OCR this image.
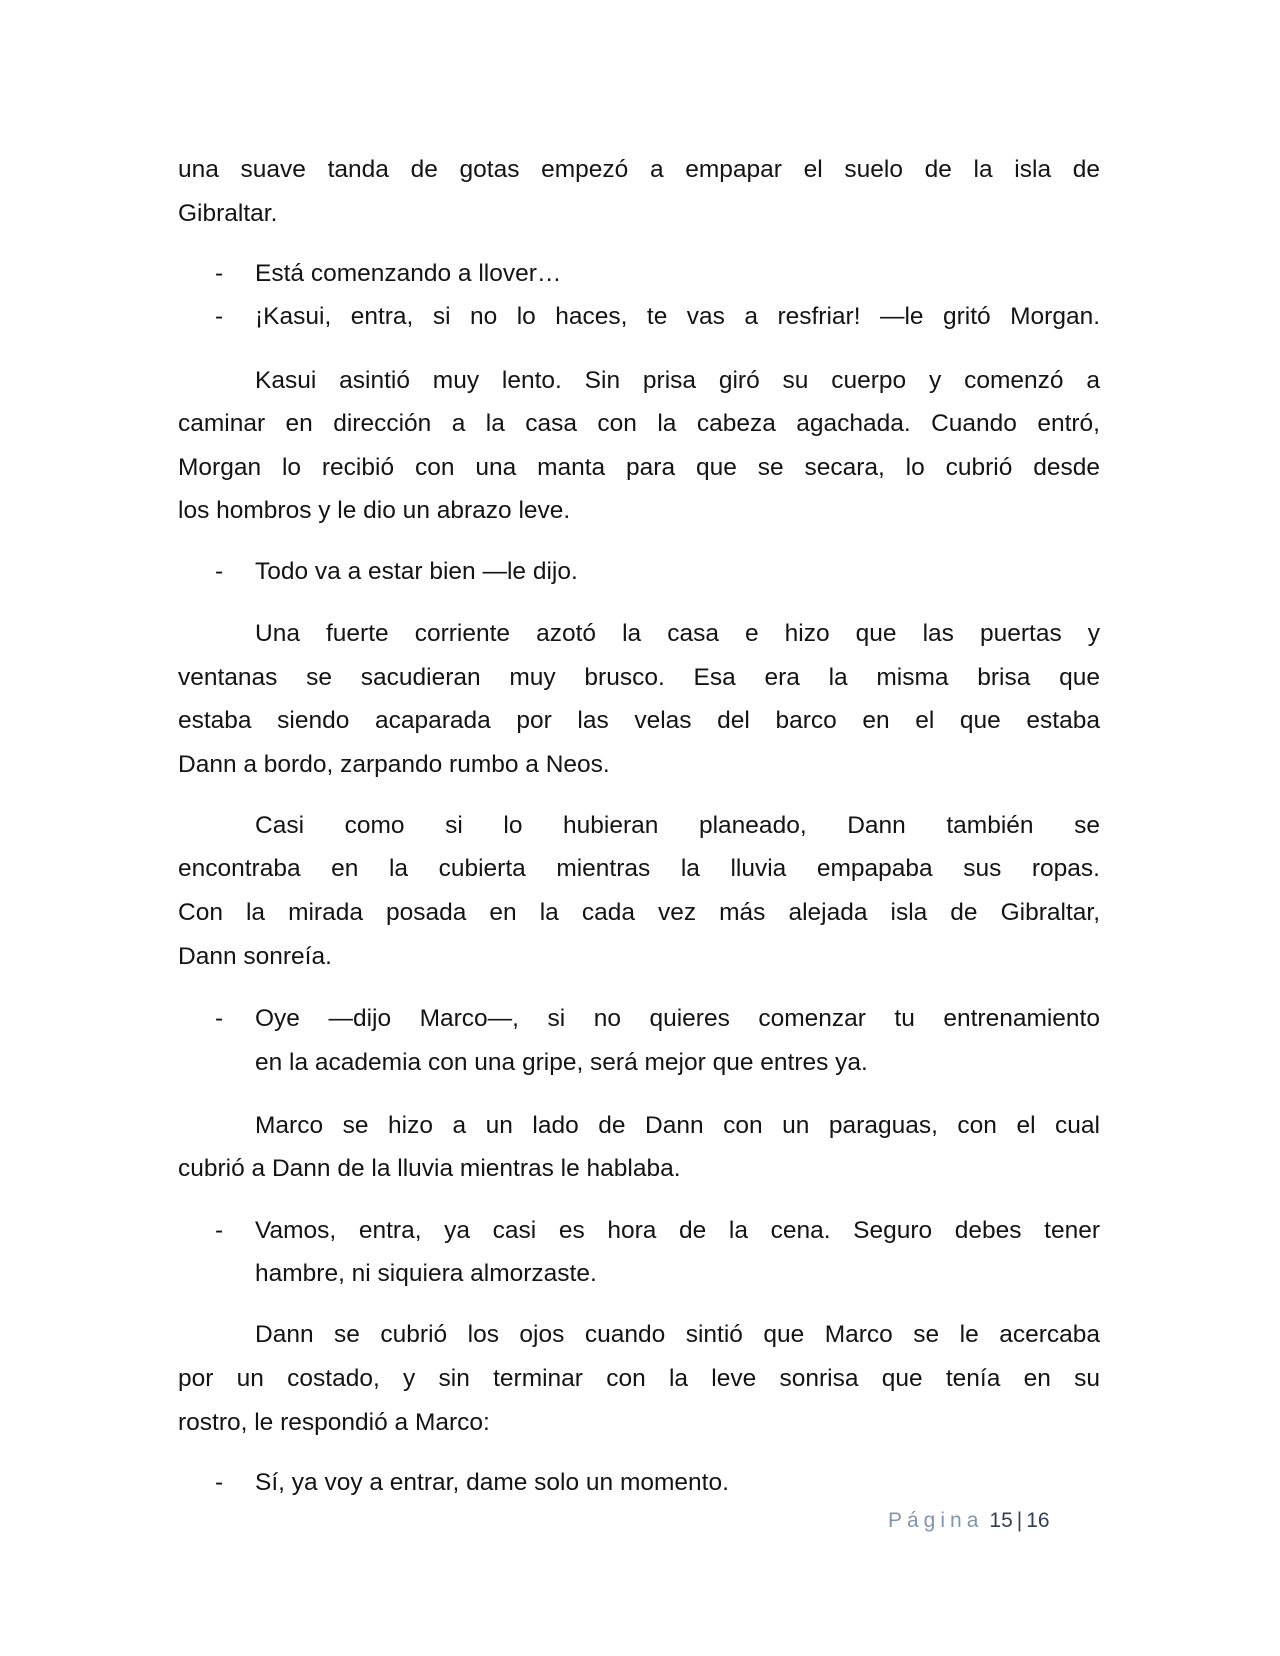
una suave tanda de gotas empezó a empapar el suelo de la isla de
Gibraltar.
-	Está comenzando a llover…
-	¡Kasui, entra, si no lo haces, te vas a resfriar! —le gritó Morgan.
Kasui asintió muy lento. Sin prisa giró su cuerpo y comenzó a
caminar en dirección a la casa con la cabeza agachada. Cuando entró,
Morgan lo recibió con una manta para que se secara, lo cubrió desde
los hombros y le dio un abrazo leve.
-	Todo va a estar bien —le dijo.
Una fuerte corriente azotó la casa e hizo que las puertas y
ventanas se sacudieran muy brusco. Esa era la misma brisa que
estaba siendo acaparada por las velas del barco en el que estaba
Dann a bordo, zarpando rumbo a Neos.
Casi como si lo hubieran planeado, Dann también se
encontraba en la cubierta mientras la lluvia empapaba sus ropas.
Con la mirada posada en la cada vez más alejada isla de Gibraltar,
Dann sonreía.
-	Oye —dijo Marco—, si no quieres comenzar tu entrenamiento
en la academia con una gripe, será mejor que entres ya.
Marco se hizo a un lado de Dann con un paraguas, con el cual
cubrió a Dann de la lluvia mientras le hablaba.
-	Vamos, entra, ya casi es hora de la cena. Seguro debes tener
hambre, ni siquiera almorzaste.
Dann se cubrió los ojos cuando sintió que Marco se le acercaba
por un costado, y sin terminar con la leve sonrisa que tenía en su
rostro, le respondió a Marco:
-	Sí, ya voy a entrar, dame solo un momento.
Página 15 | 16
